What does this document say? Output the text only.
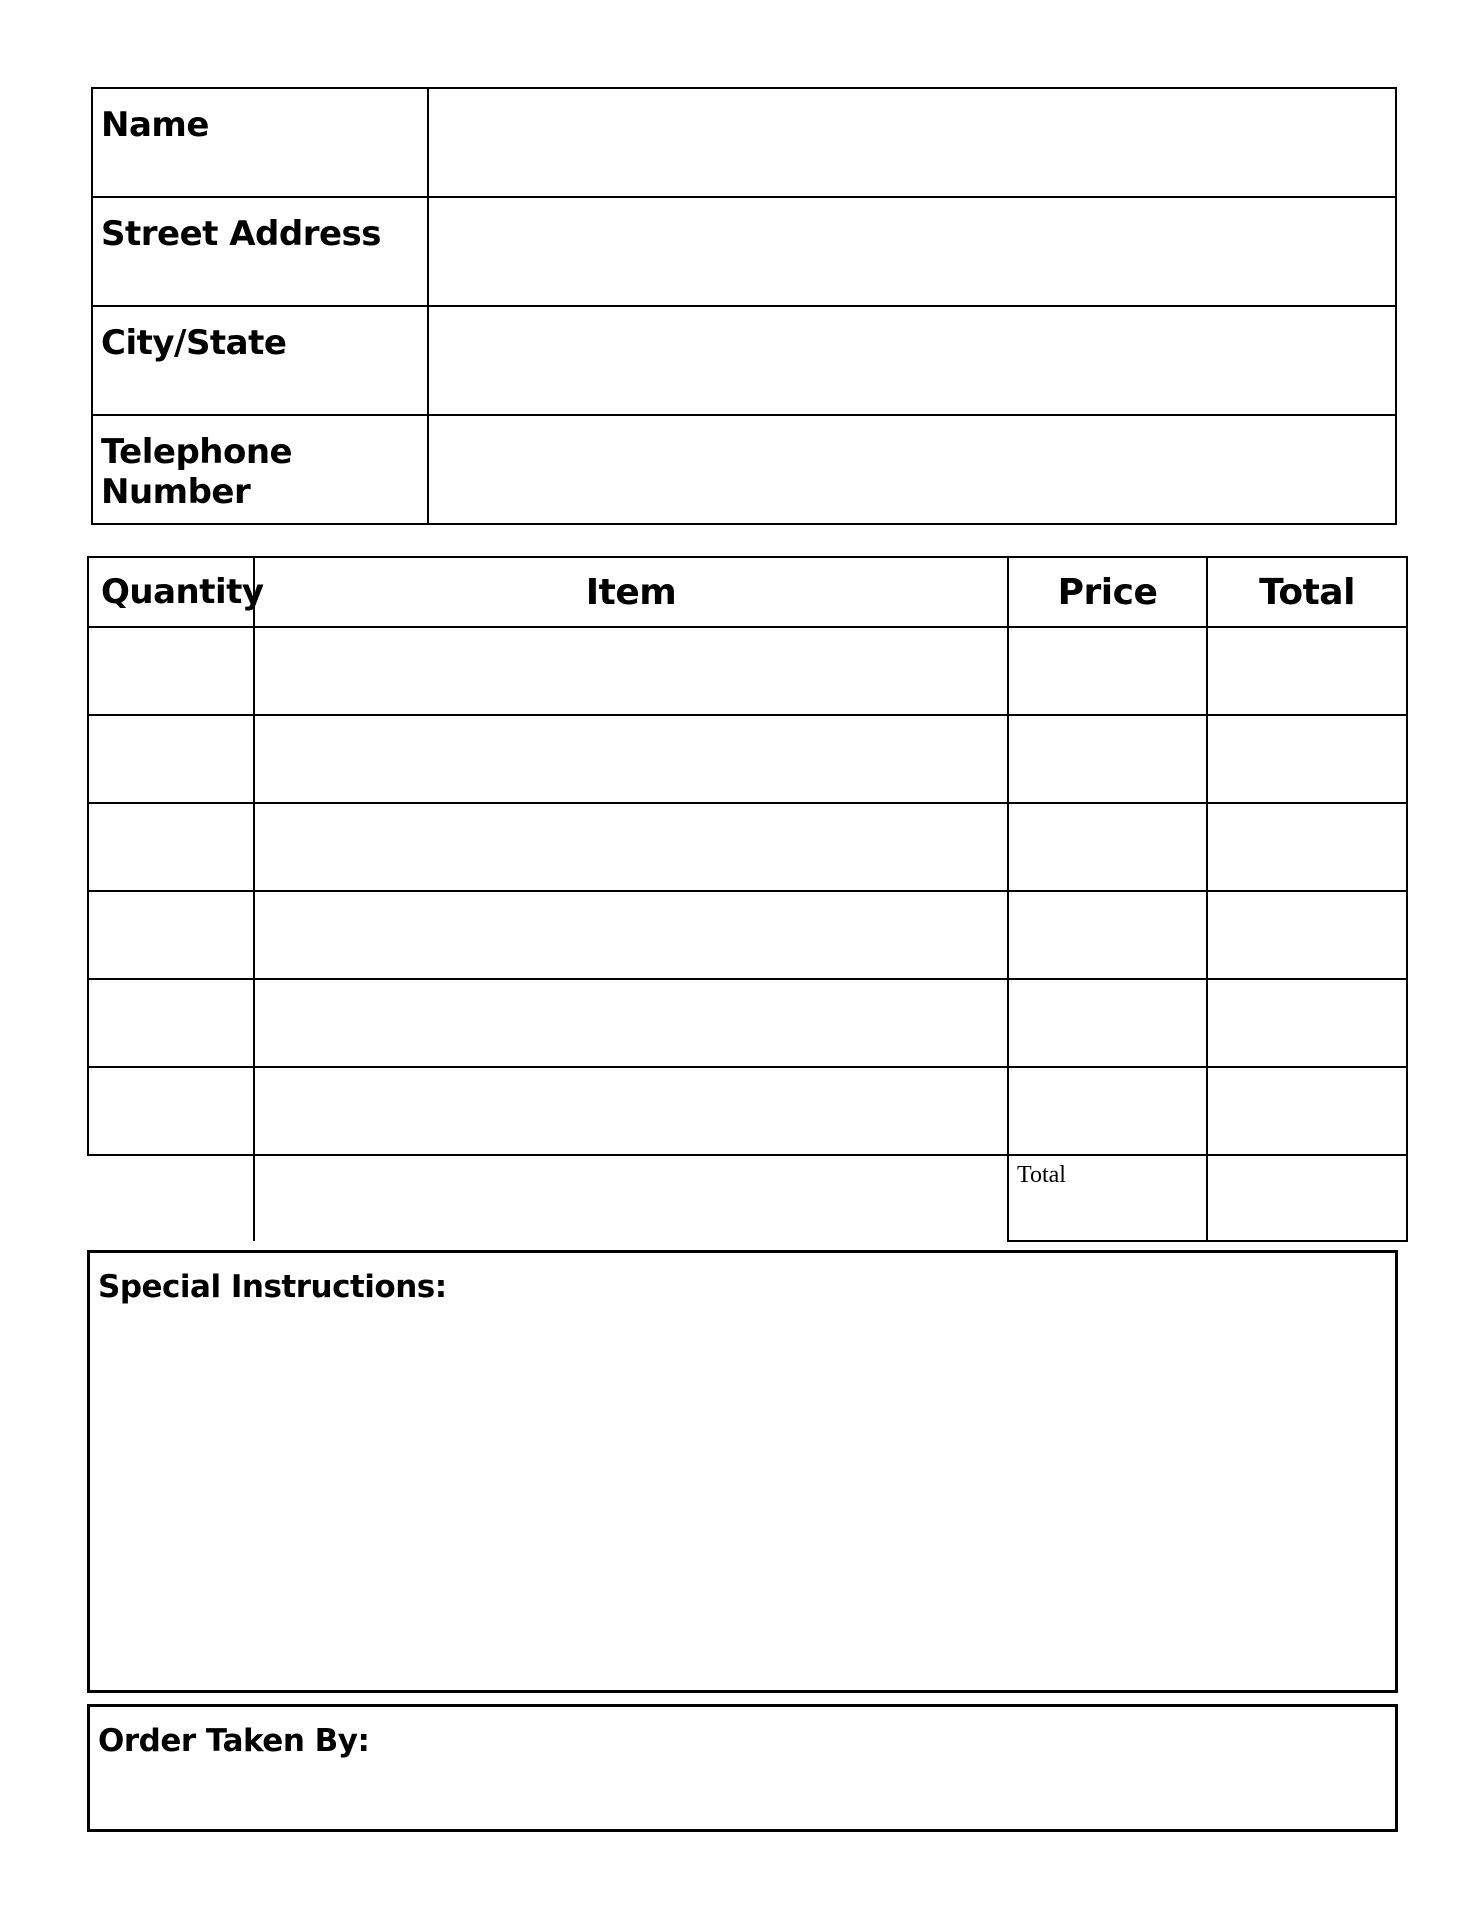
Name	

Street Address	

City/State	

Telephone Number	

Quantity	Item	Price	Total

		Total	

Special Instructions:
Order Taken By:
